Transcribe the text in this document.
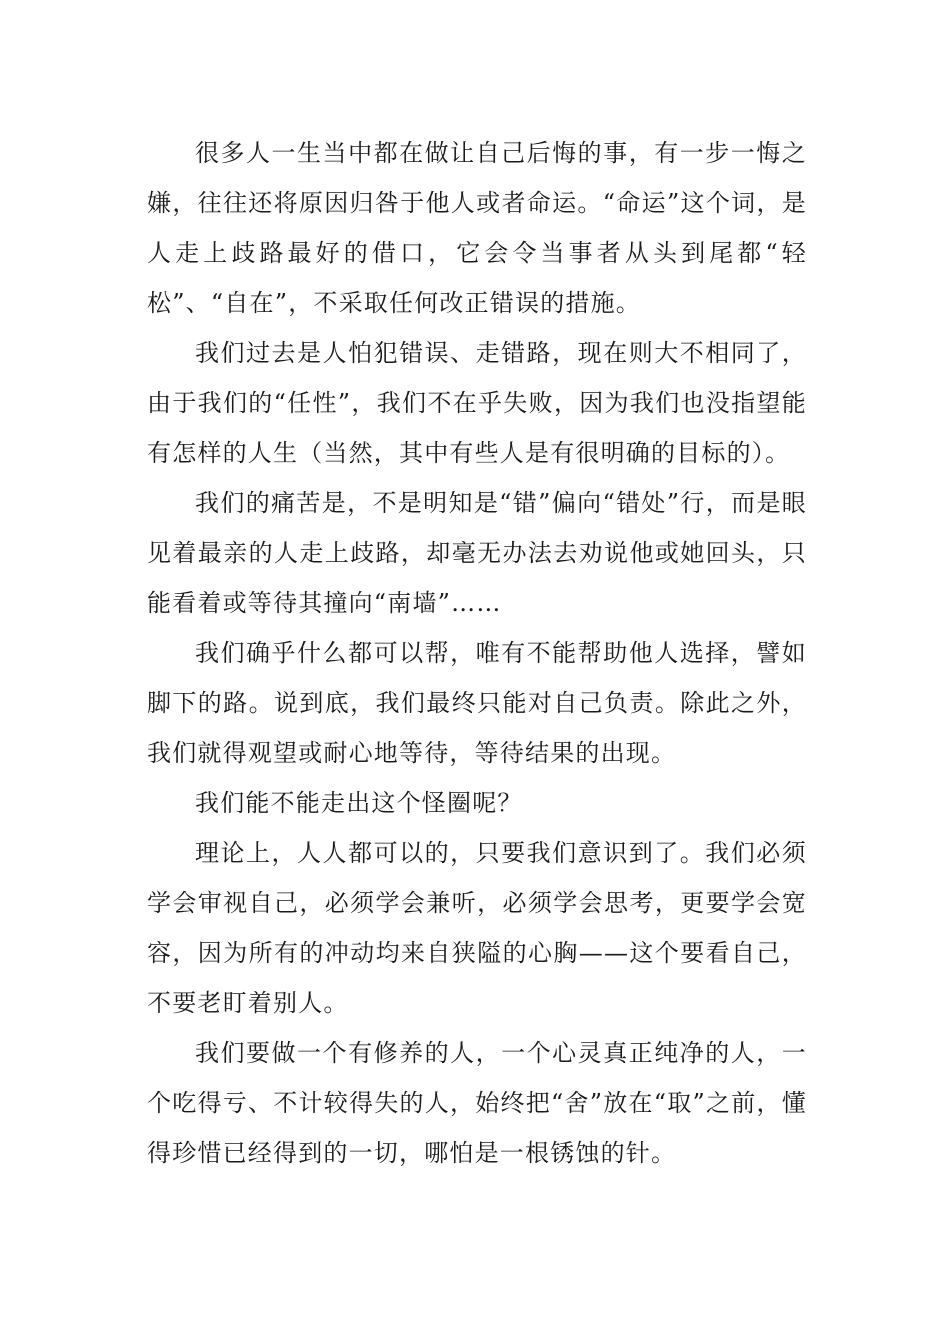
很多人一生当中都在做让自己后悔的事，有一步一悔之嫌，往往还将原因归咎于他人或者命运。“命运”这个词，是人走上歧路最好的借口，它会令当事者从头到尾都“轻松”、“自在”，不采取任何改正错误的措施。

我们过去是人怕犯错误、走错路，现在则大不相同了，由于我们的“任性”，我们不在乎失败，因为我们也没指望能有怎样的人生（当然，其中有些人是有很明确的目标的）。

我们的痛苦是，不是明知是“错”偏向“错处”行，而是眼见着最亲的人走上歧路，却毫无办法去劝说他或她回头，只能看着或等待其撞向“南墙”……

我们确乎什么都可以帮，唯有不能帮助他人选择，譬如脚下的路。说到底，我们最终只能对自己负责。除此之外，我们就得观望或耐心地等待，等待结果的出现。

我们能不能走出这个怪圈呢？

理论上，人人都可以的，只要我们意识到了。我们必须学会审视自己，必须学会兼听，必须学会思考，更要学会宽容，因为所有的冲动均来自狭隘的心胸——这个要看自己，不要老盯着别人。

我们要做一个有修养的人，一个心灵真正纯净的人，一个吃得亏、不计较得失的人，始终把“舍”放在“取”之前，懂得珍惜已经得到的一切，哪怕是一根锈蚀的针。
